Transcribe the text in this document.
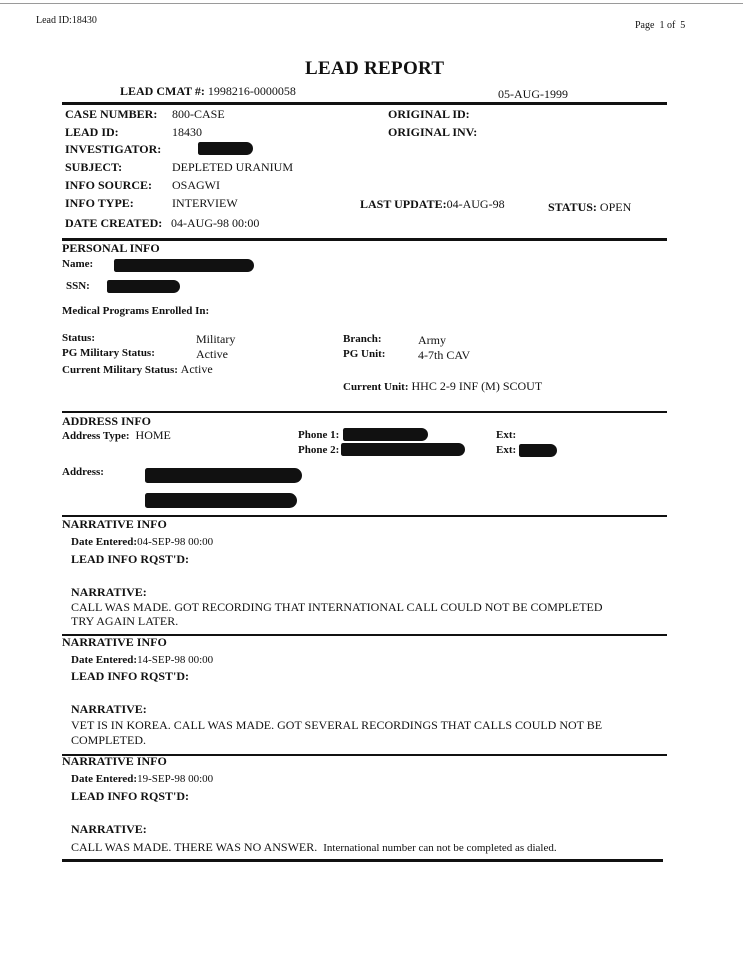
Lead ID:18430	Page 1 of 5
LEAD REPORT
LEAD CMAT #: 1998216-0000058	05-AUG-1999
CASE NUMBER: 800-CASE
LEAD ID:	18430
INVESTIGATOR:
SUBJECT:	DEPLETED URANIUM
INFO SOURCE: OSAGWI
INFO TYPE:	INTERVIEW
DATE CREATED: 04-AUG-98 00:00
ORIGINAL ID:
ORIGINAL INV:
LAST UPDATE:04-AUG-98	STATUS: OPEN
PERSONAL INFO
Name:
SSN:
Medical Programs Enrolled In:
Status:	Military
PG Military Status:	Active
Current Military Status: Active
Branch:	Army
PG Unit:	4-7th CAV
Current Unit: HHC 2-9 INF (M) SCOUT
ADDRESS INFO
Address Type: HOME	Phone 1:
Phone 2:
Ext:
Ext:
Address:
NARRATIVE INFO
Date Entered:04-SEP-98 00:00
LEAD INFO RQST'D:
NARRATIVE:
CALL WAS MADE. GOT RECORDING THAT INTERNATIONAL CALL COULD NOT BE COMPLETED
TRY AGAIN LATER.
NARRATIVE INFO
Date Entered:14-SEP-98 00:00
LEAD INFO RQST'D:
NARRATIVE:
VET IS IN KOREA. CALL WAS MADE. GOT SEVERAL RECORDINGS THAT CALLS COULD NOT BE
COMPLETED.
NARRATIVE INFO
Date Entered:19-SEP-98 00:00
LEAD INFO RQST'D:
NARRATIVE:
CALL WAS MADE. THERE WAS NO ANSWER. International number can not be completed as dialed.
